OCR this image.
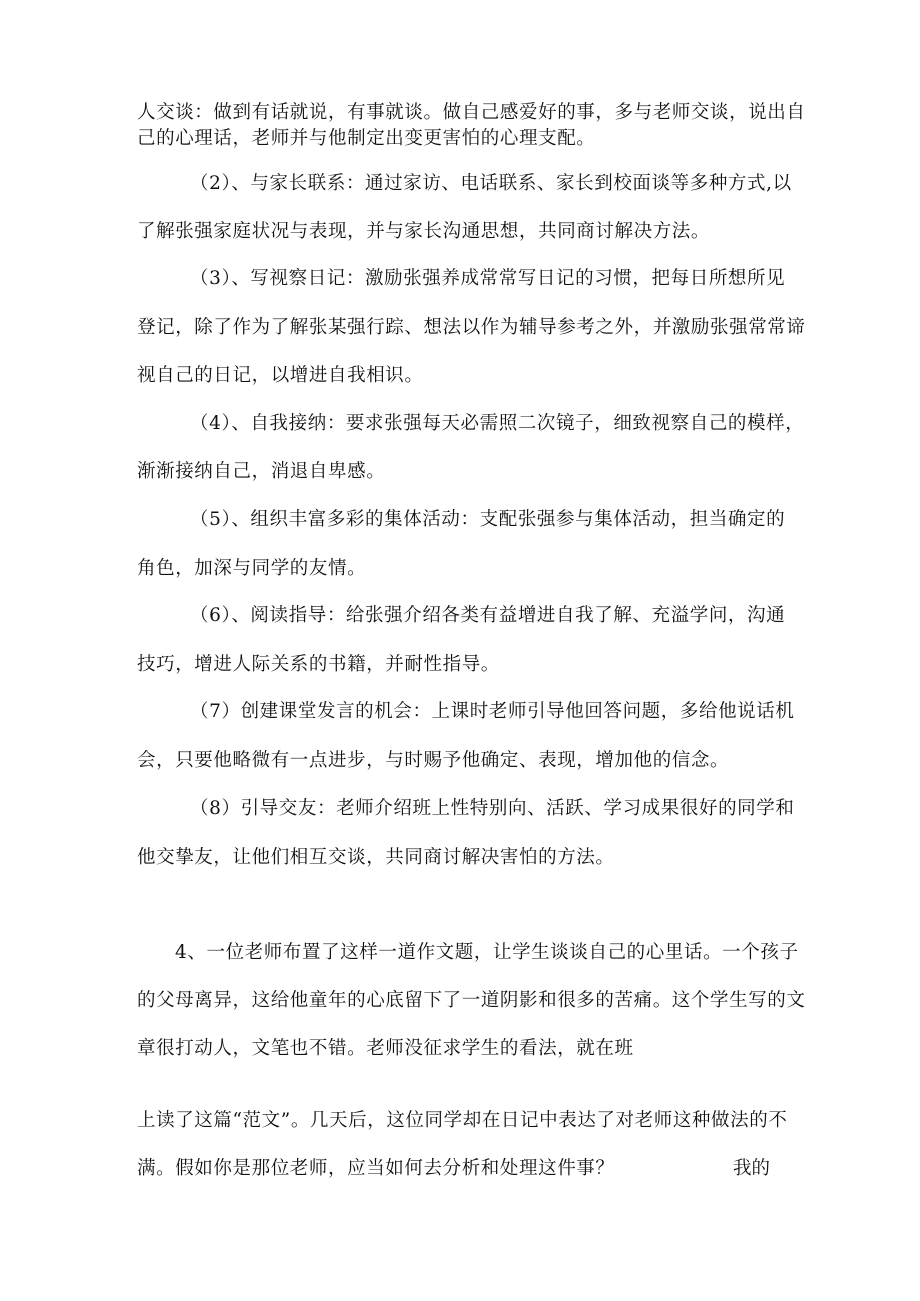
人交谈：做到有话就说，有事就谈。做自己感爱好的事，多与老师交谈，说出自
己的心理话，老师并与他制定出变更害怕的心理支配。
（2）、与家长联系：通过家访、电话联系、家长到校面谈等多种方式,以
了解张强家庭状况与表现，并与家长沟通思想，共同商讨解决方法。
（3）、写视察日记：激励张强养成常常写日记的习惯，把每日所想所见
登记，除了作为了解张某强行踪、想法以作为辅导参考之外，并激励张强常常谛
视自己的日记，以增进自我相识。
（4）、自我接纳：要求张强每天必需照二次镜子，细致视察自己的模样，
渐渐接纳自己，消退自卑感。
（5）、组织丰富多彩的集体活动：支配张强参与集体活动，担当确定的
角色，加深与同学的友情。
（6）、阅读指导：给张强介绍各类有益增进自我了解、充溢学问，沟通
技巧，增进人际关系的书籍，并耐性指导。
（7）创建课堂发言的机会：上课时老师引导他回答问题，多给他说话机
会，只要他略微有一点进步，与时赐予他确定、表现，增加他的信念。
（8）引导交友：老师介绍班上性特别向、活跃、学习成果很好的同学和
他交挚友，让他们相互交谈，共同商讨解决害怕的方法。
4、一位老师布置了这样一道作文题，让学生谈谈自己的心里话。一个孩子
的父母离异，这给他童年的心底留下了一道阴影和很多的苦痛。这个学生写的文
章很打动人，文笔也不错。老师没征求学生的看法，就在班
上读了这篇“范文”。几天后，这位同学却在日记中表达了对老师这种做法的不
满。假如你是那位老师，应当如何去分析和处理这件事？	我的
